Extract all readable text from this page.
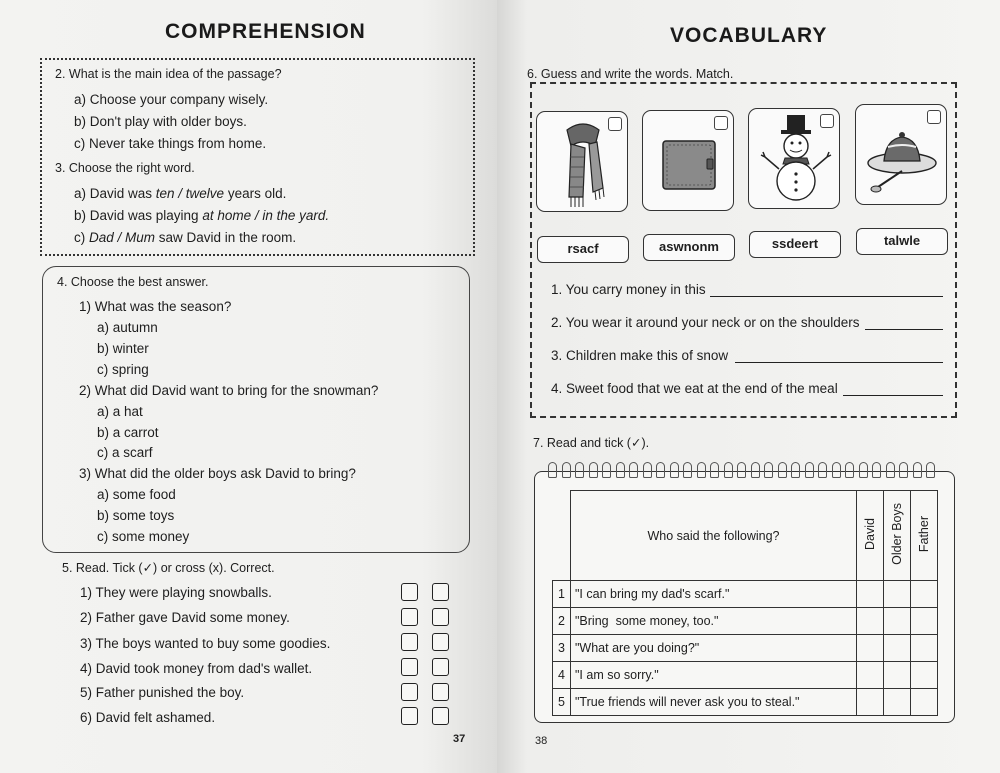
COMPREHENSION
2. What is the main idea of the passage?
a) Choose your company wisely.
b) Don't play with older boys.
c) Never take things from home.
3. Choose the right word.
a) David was ten / twelve years old.
b) David was playing at home / in the yard.
c) Dad / Mum saw David in the room.
4. Choose the best answer.
1) What was the season?
a) autumn
b) winter
c) spring
2) What did David want to bring for the snowman?
a) a hat
b) a carrot
c) a scarf
3) What did the older boys ask David to bring?
a) some food
b) some toys
c) some money
5. Read. Tick (✓) or cross (x). Correct.
1) They were playing snowballs.
2) Father gave David some money.
3) The boys wanted to buy some goodies.
4) David took money from dad's wallet.
5) Father punished the boy.
6) David felt ashamed.
37
VOCABULARY
6. Guess and write the words. Match.
rsacf	aswnonm	ssdeert	talwle
1. You carry money in this
2. You wear it around your neck or on the shoulders
3. Children make this of snow
4. Sweet food that we eat at the end of the meal
7. Read and tick (✓).
	Who said the following?	David	Older Boys	Father
1	"I can bring my dad's scarf."			
2	"Bring  some money, too."			
3	"What are you doing?"			
4	"I am so sorry."			
5	"True friends will never ask you to steal."			
38
